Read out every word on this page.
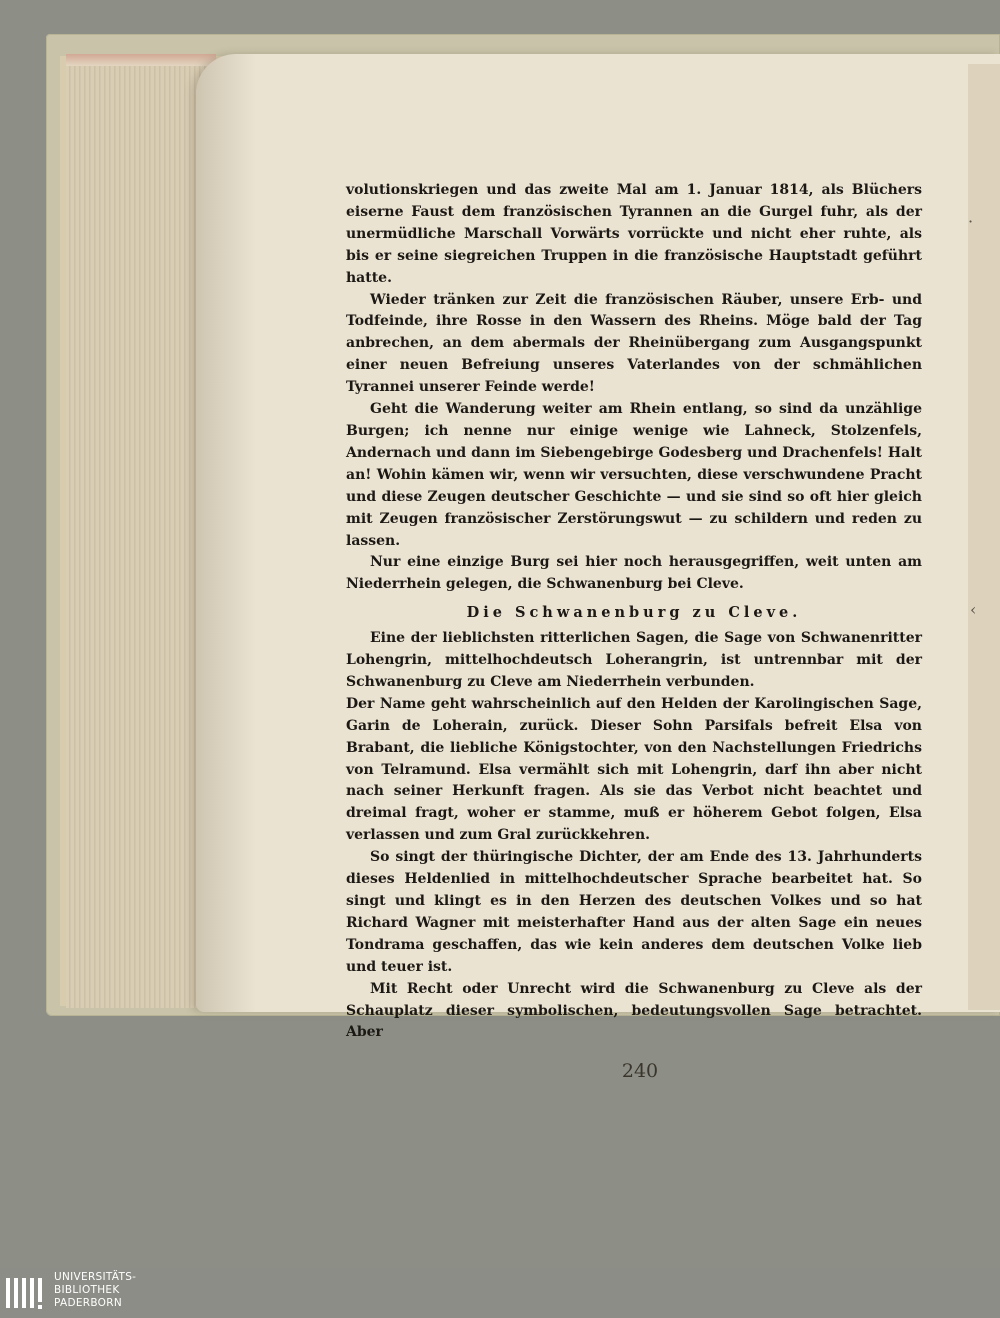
·
‹

volutionskriegen und das zweite Mal am 1. Januar 1814, als Blüchers eiserne Faust dem französischen Tyrannen an die Gurgel fuhr, als der unermüdliche Marschall Vorwärts vorrückte und nicht eher ruhte, als bis er seine siegreichen Truppen in die französische Hauptstadt geführt hatte.

Wieder tränken zur Zeit die französischen Räuber, unsere Erb- und Todfeinde, ihre Rosse in den Wassern des Rheins. Möge bald der Tag anbrechen, an dem abermals der Rheinübergang zum Ausgangspunkt einer neuen Befreiung unseres Vaterlandes von der schmählichen Tyrannei unserer Feinde werde!

Geht die Wanderung weiter am Rhein entlang, so sind da unzählige Burgen; ich nenne nur einige wenige wie Lahneck, Stolzenfels, Andernach und dann im Siebengebirge Godesberg und Drachenfels! Halt an! Wohin kämen wir, wenn wir versuchten, diese verschwundene Pracht und diese Zeugen deutscher Geschichte — und sie sind so oft hier gleich mit Zeugen französischer Zerstörungswut — zu schildern und reden zu lassen.

Nur eine einzige Burg sei hier noch herausgegriffen, weit unten am Niederrhein gelegen, die Schwanenburg bei Cleve.

Die Schwanenburg zu Cleve.

Eine der lieblichsten ritterlichen Sagen, die Sage von Schwanenritter Lohengrin, mittelhochdeutsch Loherangrin, ist untrennbar mit der Schwanenburg zu Cleve am Niederrhein verbunden.

Der Name geht wahrscheinlich auf den Helden der Karolingischen Sage, Garin de Loherain, zurück. Dieser Sohn Parsifals befreit Elsa von Brabant, die liebliche Königstochter, von den Nachstellungen Friedrichs von Telramund. Elsa vermählt sich mit Lohengrin, darf ihn aber nicht nach seiner Herkunft fragen. Als sie das Verbot nicht beachtet und dreimal fragt, woher er stamme, muß er höherem Gebot folgen, Elsa verlassen und zum Gral zurückkehren.

So singt der thüringische Dichter, der am Ende des 13. Jahrhunderts dieses Heldenlied in mittelhochdeutscher Sprache bearbeitet hat. So singt und klingt es in den Herzen des deutschen Volkes und so hat Richard Wagner mit meisterhafter Hand aus der alten Sage ein neues Tondrama geschaffen, das wie kein anderes dem deutschen Volke lieb und teuer ist.

Mit Recht oder Unrecht wird die Schwanenburg zu Cleve als der Schauplatz dieser symbolischen, bedeutungsvollen Sage betrachtet. Aber

240
UNIVERSITÄTS-
BIBLIOTHEK
PADERBORN
